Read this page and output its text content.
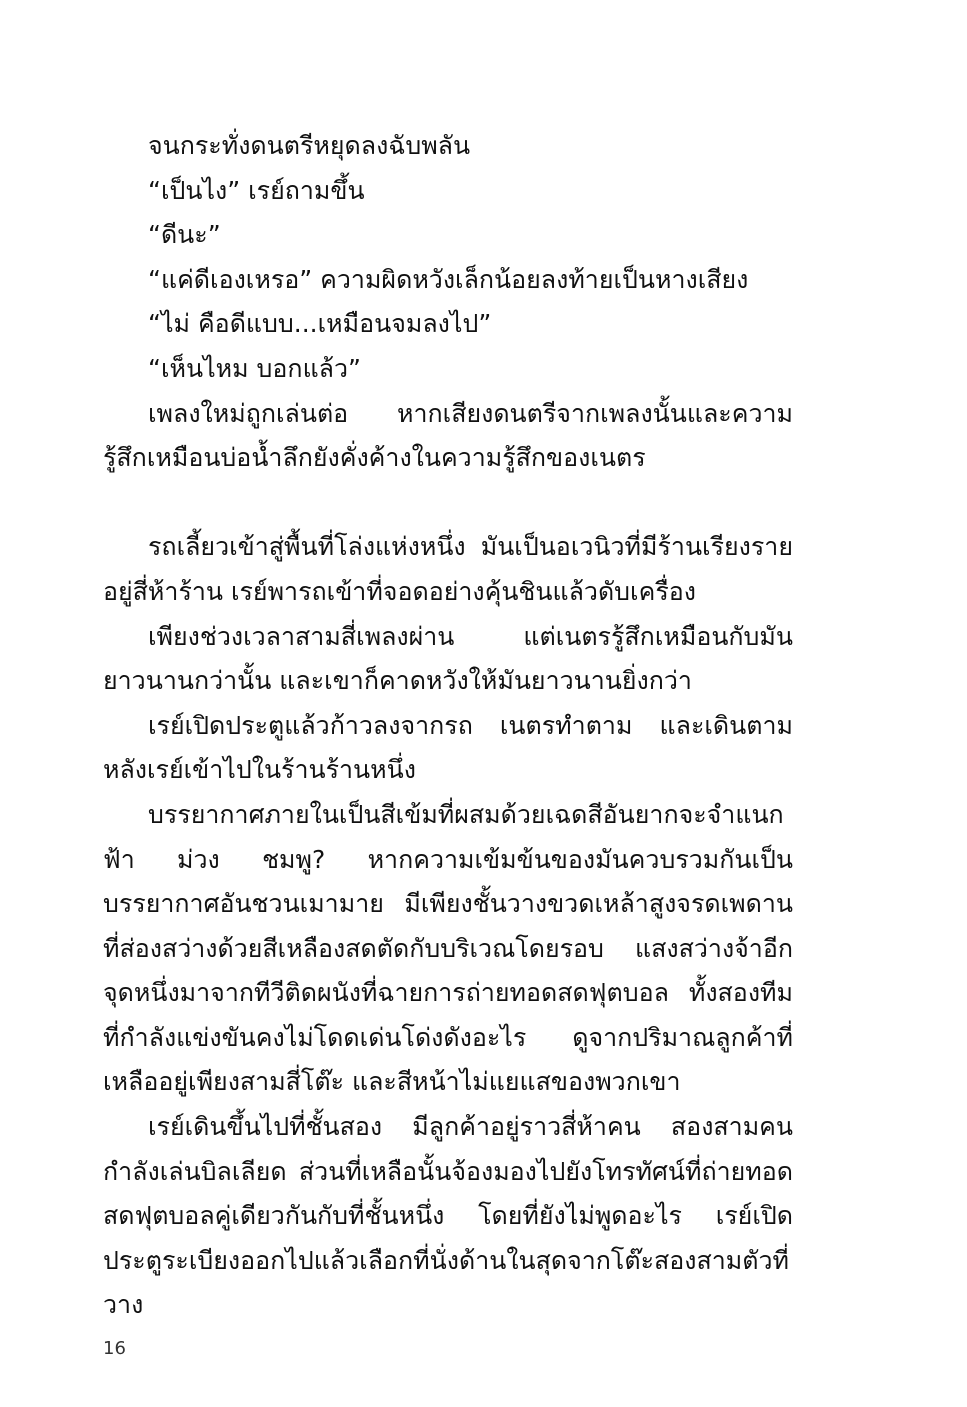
จนกระทั่งดนตรีหยุดลงฉับพลัน

“เป็นไง” เรย์ถามขึ้น

“ดีนะ”

“แค่ดีเองเหรอ” ความผิดหวังเล็กน้อยลงท้ายเป็นหางเสียง

“ไม่ คือดีแบบ...เหมือนจมลงไป”

“เห็นไหม บอกแล้ว”

เพลงใหม่ถูกเล่นต่อ หากเสียงดนตรีจากเพลงนั้นและความรู้สึกเหมือนบ่อน้ำลึกยังคั่งค้างในความรู้สึกของเนตร

รถเลี้ยวเข้าสู่พื้นที่โล่งแห่งหนึ่ง มันเป็นอเวนิวที่มีร้านเรียงรายอยู่สี่ห้าร้าน เรย์พารถเข้าที่จอดอย่างคุ้นชินแล้วดับเครื่อง

เพียงช่วงเวลาสามสี่เพลงผ่าน แต่เนตรรู้สึกเหมือนกับมันยาวนานกว่านั้น และเขาก็คาดหวังให้มันยาวนานยิ่งกว่า

เรย์เปิดประตูแล้วก้าวลงจากรถ เนตรทำตาม และเดินตามหลังเรย์เข้าไปในร้านร้านหนึ่ง

บรรยากาศภายในเป็นสีเข้มที่ผสมด้วยเฉดสีอันยากจะจำแนก ฟ้า ม่วง ชมพู? หากความเข้มข้นของมันควบรวมกันเป็นบรรยากาศอันชวนเมามาย มีเพียงชั้นวางขวดเหล้าสูงจรดเพดานที่ส่องสว่างด้วยสีเหลืองสดตัดกับบริเวณโดยรอบ แสงสว่างจ้าอีกจุดหนึ่งมาจากทีวีติดผนังที่ฉายการถ่ายทอดสดฟุตบอล ทั้งสองทีมที่กำลังแข่งขันคงไม่โดดเด่นโด่งดังอะไร ดูจากปริมาณลูกค้าที่เหลืออยู่เพียงสามสี่โต๊ะ และสีหน้าไม่แยแสของพวกเขา

เรย์เดินขึ้นไปที่ชั้นสอง มีลูกค้าอยู่ราวสี่ห้าคน สองสามคนกำลังเล่นบิลเลียด ส่วนที่เหลือนั้นจ้องมองไปยังโทรทัศน์ที่ถ่ายทอดสดฟุตบอลคู่เดียวกันกับที่ชั้นหนึ่ง โดยที่ยังไม่พูดอะไร เรย์เปิดประตูระเบียงออกไปแล้วเลือกที่นั่งด้านในสุดจากโต๊ะสองสามตัวที่วาง

16
